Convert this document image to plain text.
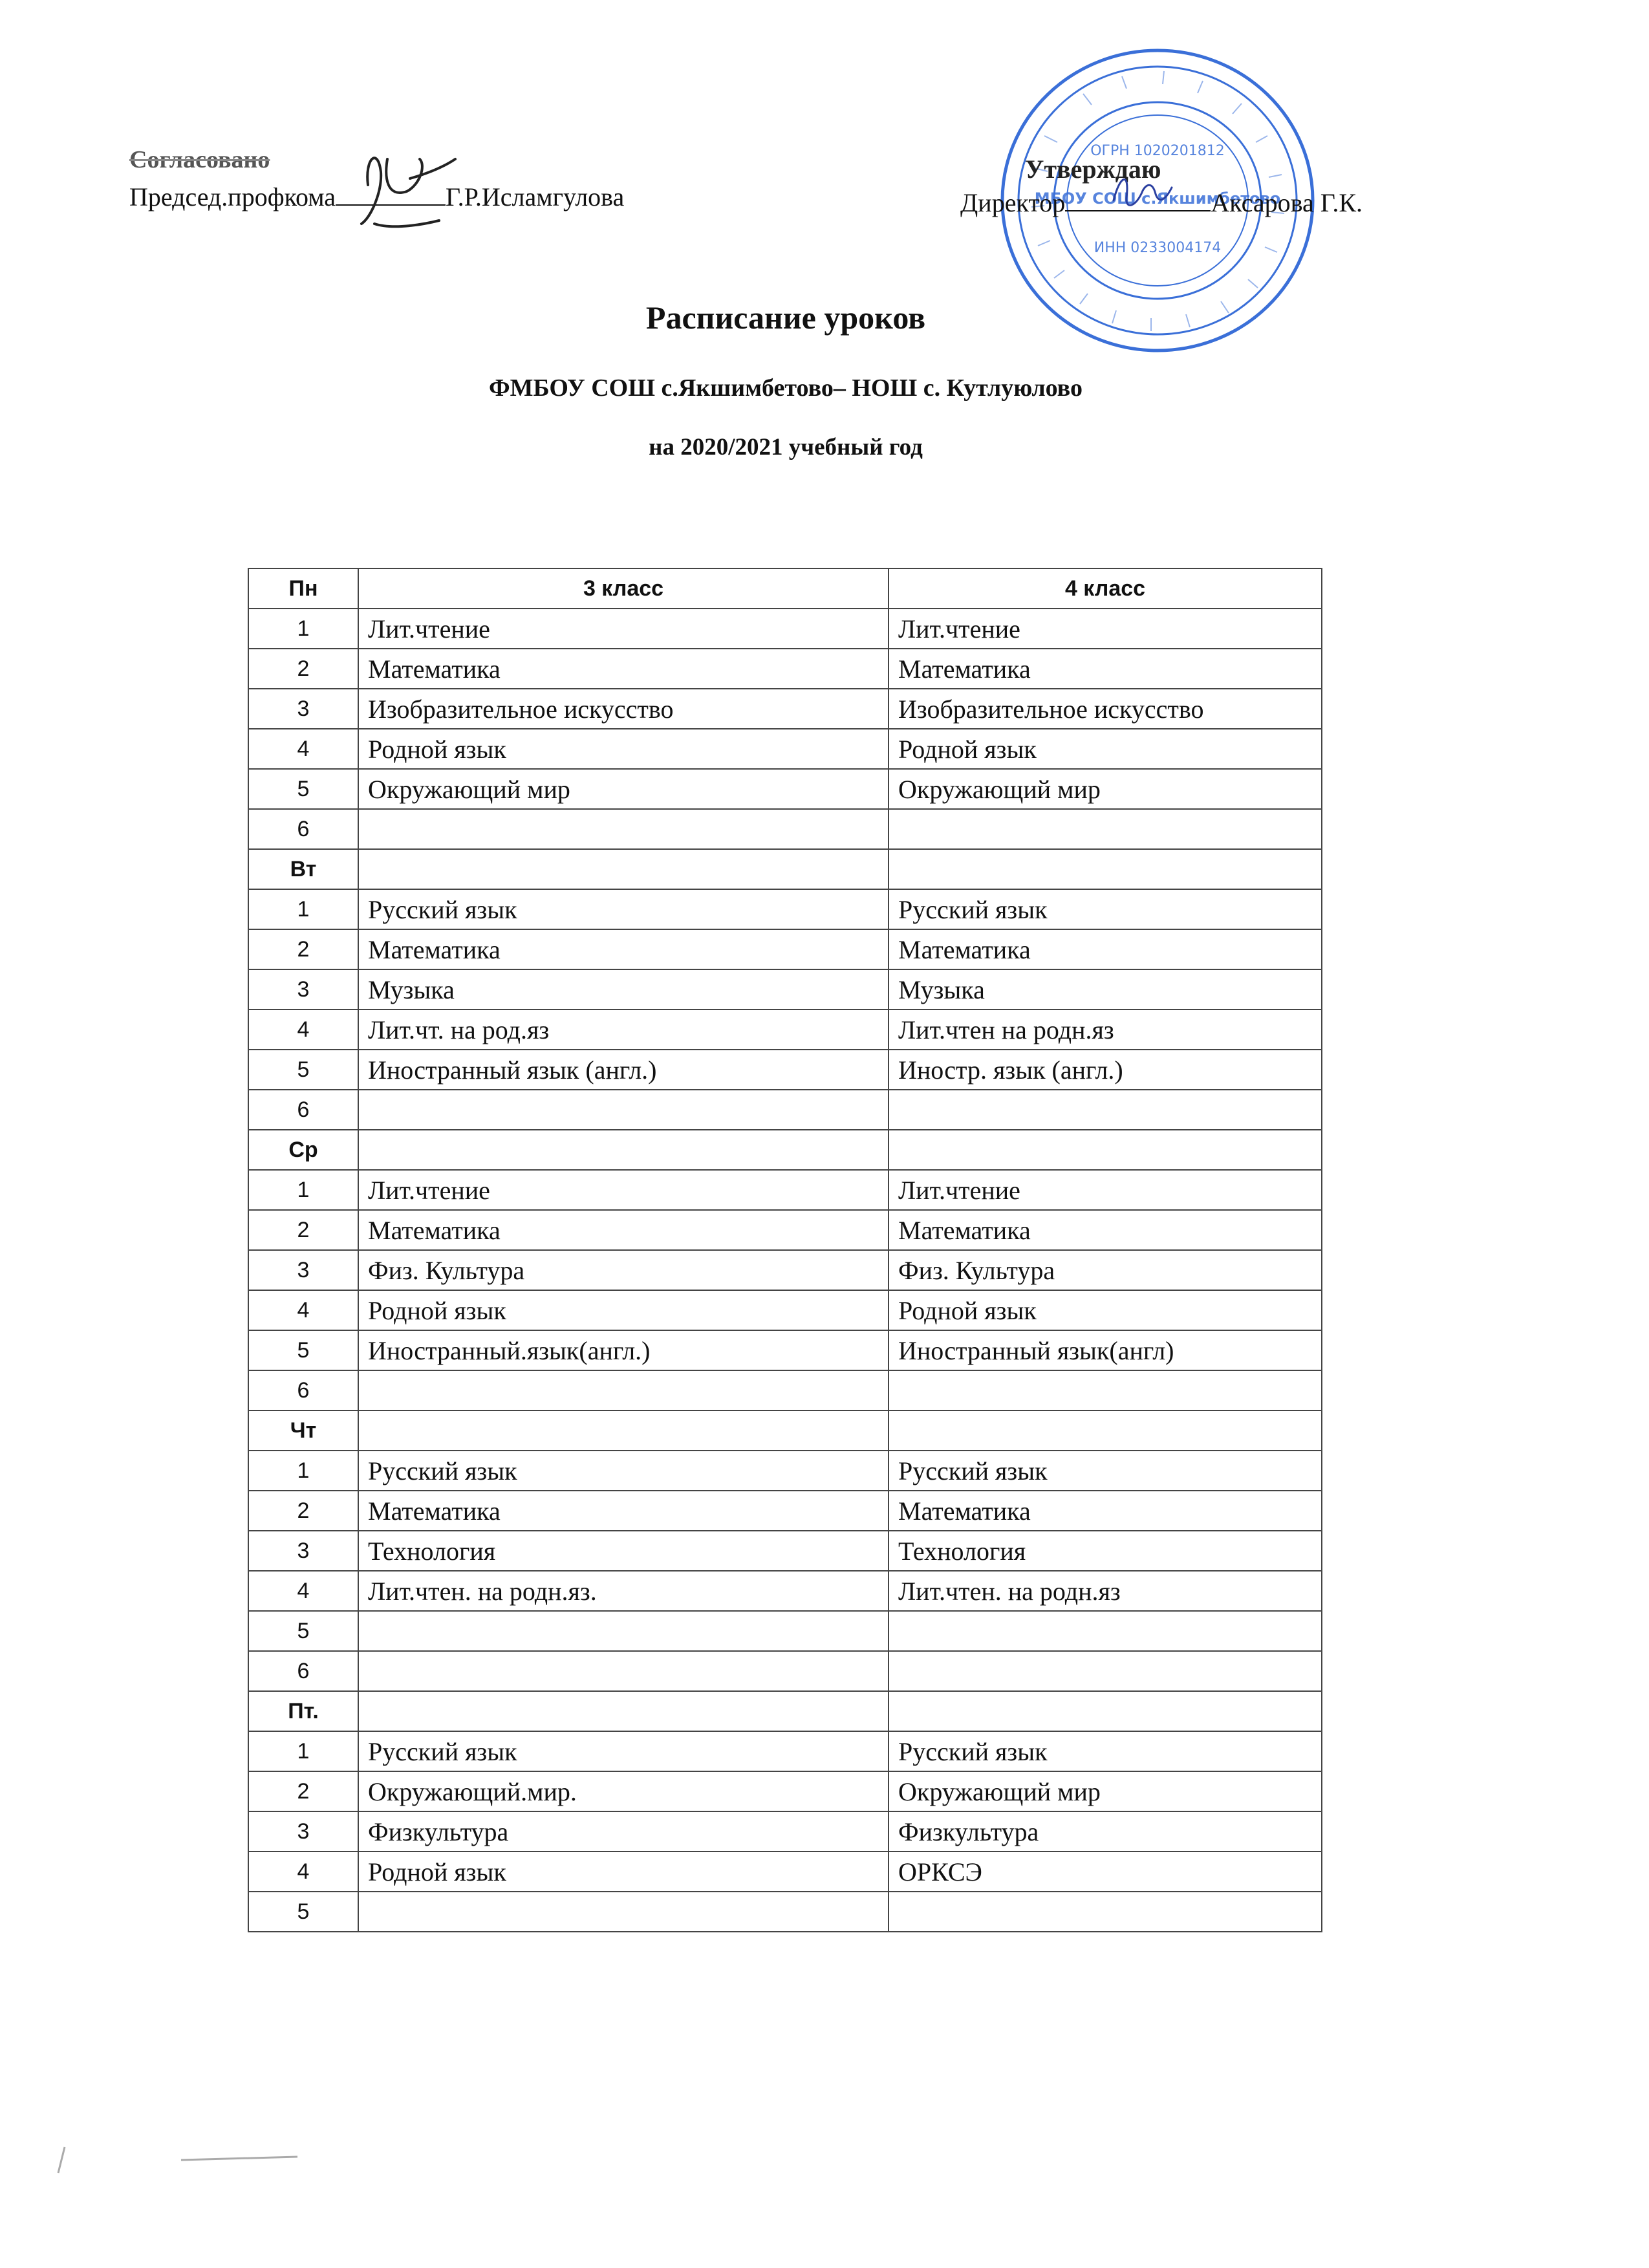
Согласовано
Председ.профкома	Г.Р.Исламгулова	МБОУ СОШ с.Якшимбетово
ОГРН 1020201812
ИНН 0233004174
Утверждаю
Директор	Аксарова Г.К.
Расписание уроков
ФМБОУ СОШ с.Якшимбетово– НОШ с. Кутлуюлово
на 2020/2021 учебный год
Пн	3 класс	4 класс
1	Лит.чтение	Лит.чтение
2	Математика	Математика
3	Изобразительное искусство	Изобразительное искусство
4	Родной язык	Родной язык
5	Окружающий мир	Окружающий мир
6		
Вт		
1	Русский язык	Русский язык
2	Математика	Математика
3	Музыка	Музыка
4	Лит.чт. на род.яз	Лит.чтен на родн.яз
5	Иностранный язык (англ.)	Иностр. язык (англ.)
6		
Ср		
1	Лит.чтение	Лит.чтение
2	Математика	Математика
3	Физ. Культура	Физ. Культура
4	Родной язык	Родной язык
5	Иностранный.язык(англ.)	Иностранный язык(англ)
6		
Чт		
1	Русский язык	Русский язык
2	Математика	Математика
3	Технология	Технология
4	Лит.чтен. на родн.яз.	Лит.чтен. на родн.яз
5		
6		
Пт.		
1	Русский язык	Русский язык
2	Окружающий.мир.	Окружающий мир
3	Физкультура	Физкультура
4	Родной язык	ОРКСЭ
5		
